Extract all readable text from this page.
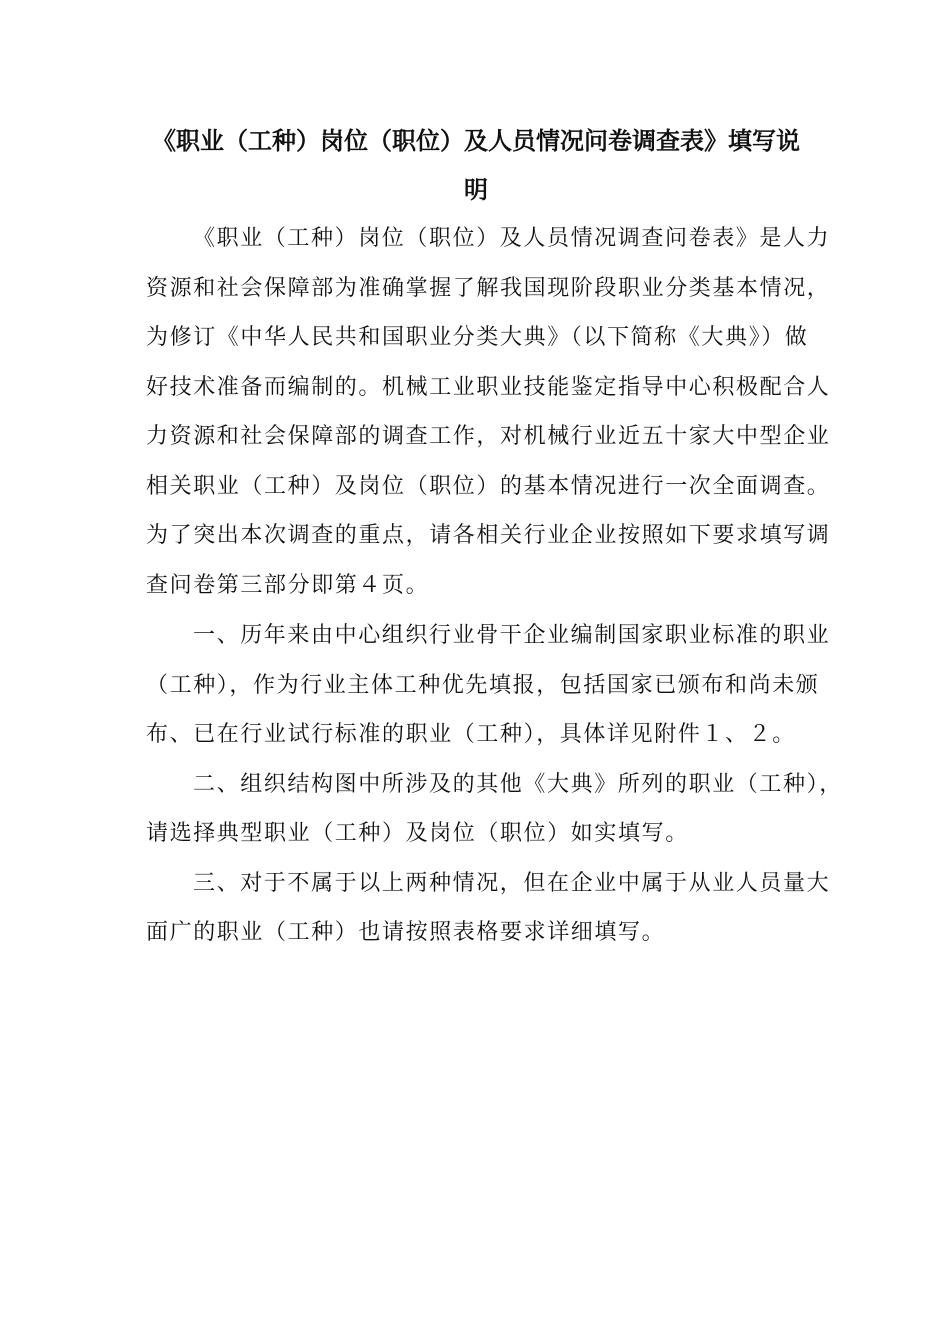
《职业（工种）岗位（职位）及人员情况问卷调查表》填写说
明
《职业（工种）岗位（职位）及人员情况调查问卷表》是人力
资源和社会保障部为准确掌握了解我国现阶段职业分类基本情况，
为修订《中华人民共和国职业分类大典》（以下简称《大典》）做
好技术准备而编制的。机械工业职业技能鉴定指导中心积极配合人
力资源和社会保障部的调查工作，对机械行业近五十家大中型企业
相关职业（工种）及岗位（职位）的基本情况进行一次全面调查。
为了突出本次调查的重点，请各相关行业企业按照如下要求填写调
查问卷第三部分即第４页。
一、历年来由中心组织行业骨干企业编制国家职业标准的职业
（工种），作为行业主体工种优先填报，包括国家已颁布和尚未颁
布、已在行业试行标准的职业（工种），具体详见附件１、２。
二、组织结构图中所涉及的其他《大典》所列的职业（工种），
请选择典型职业（工种）及岗位（职位）如实填写。
三、对于不属于以上两种情况，但在企业中属于从业人员量大
面广的职业（工种）也请按照表格要求详细填写。
